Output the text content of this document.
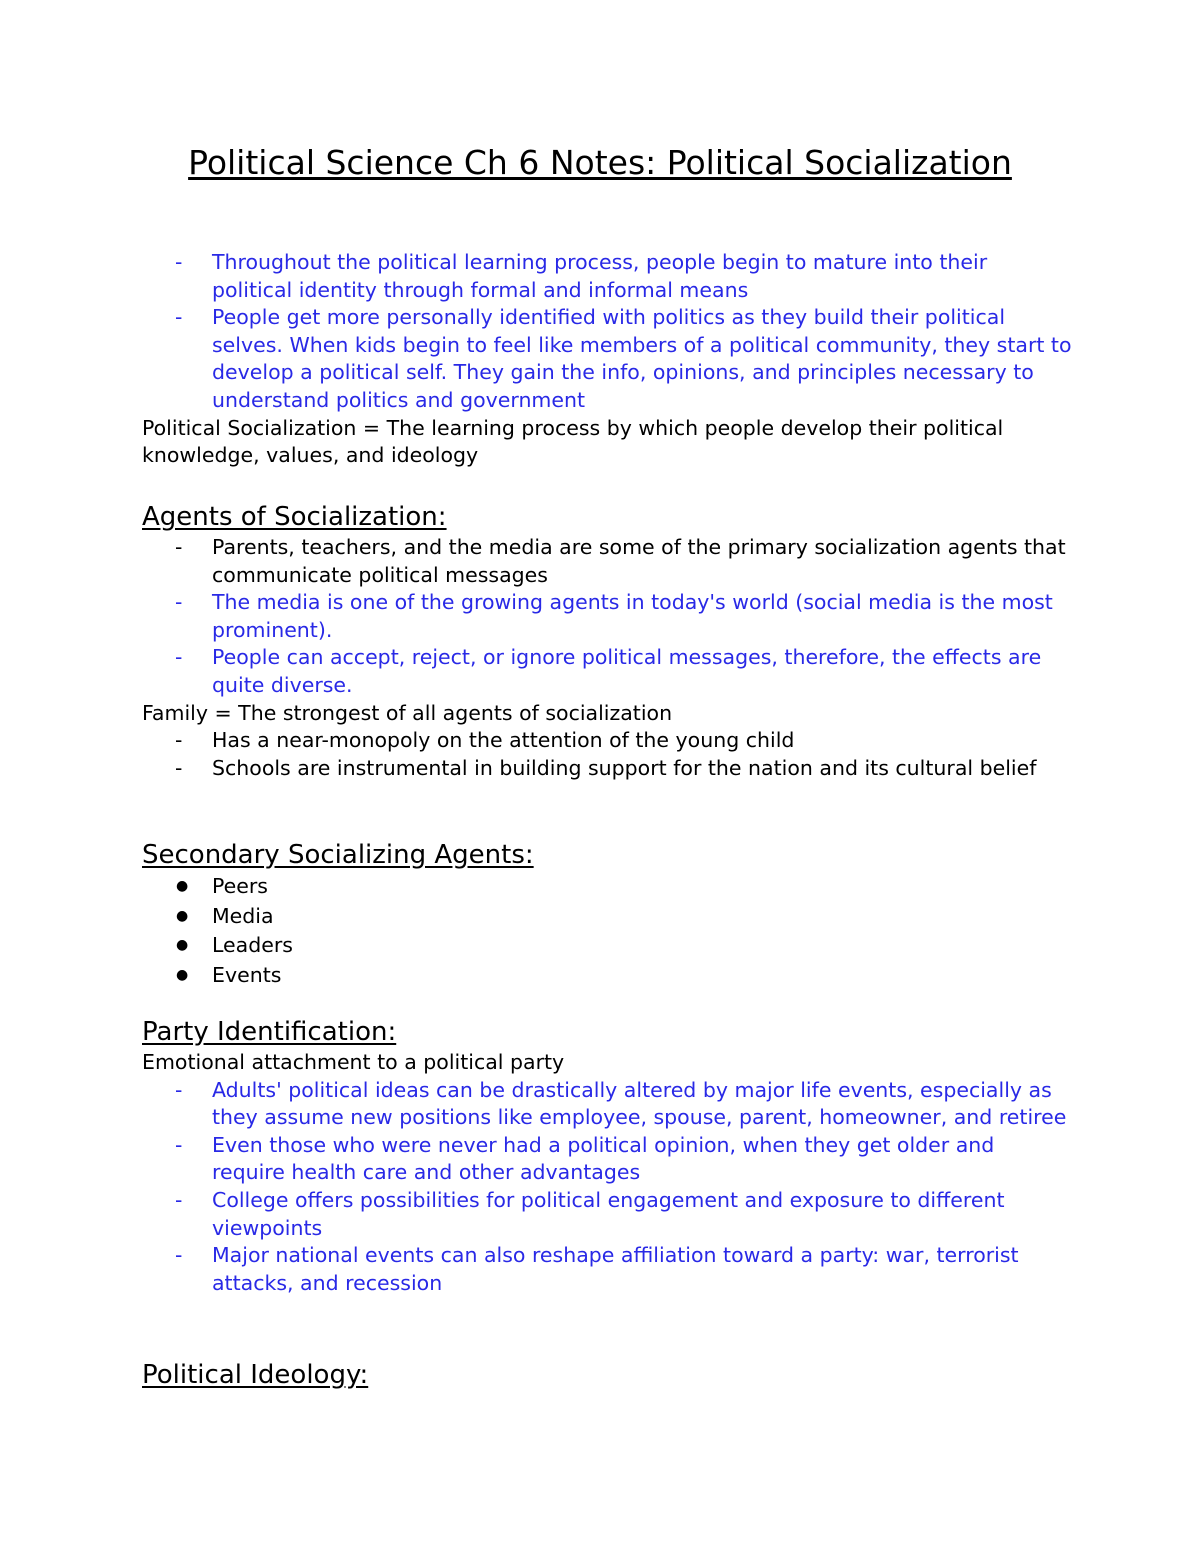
Political Science Ch 6 Notes: Political Socialization
- Throughout the political learning process, people begin to mature into their political identity through formal and informal means
- People get more personally identified with politics as they build their political selves. When kids begin to feel like members of a political community, they start to develop a political self. They gain the info, opinions, and principles necessary to understand politics and government

Political Socialization = The learning process by which people develop their political knowledge, values, and ideology

Agents of Socialization:
- Parents, teachers, and the media are some of the primary socialization agents that communicate political messages
- The media is one of the growing agents in today's world (social media is the most prominent).
- People can accept, reject, or ignore political messages, therefore, the effects are quite diverse.

Family = The strongest of all agents of socialization

- Has a near-monopoly on the attention of the young child
- Schools are instrumental in building support for the nation and its cultural belief
Secondary Socializing Agents:
● Peers
● Media
● Leaders
● Events
Party Identification:

Emotional attachment to a political party

- Adults' political ideas can be drastically altered by major life events, especially as they assume new positions like employee, spouse, parent, homeowner, and retiree
- Even those who were never had a political opinion, when they get older and require health care and other advantages
- College offers possibilities for political engagement and exposure to different viewpoints
- Major national events can also reshape affiliation toward a party: war, terrorist attacks, and recession
Political Ideology:
